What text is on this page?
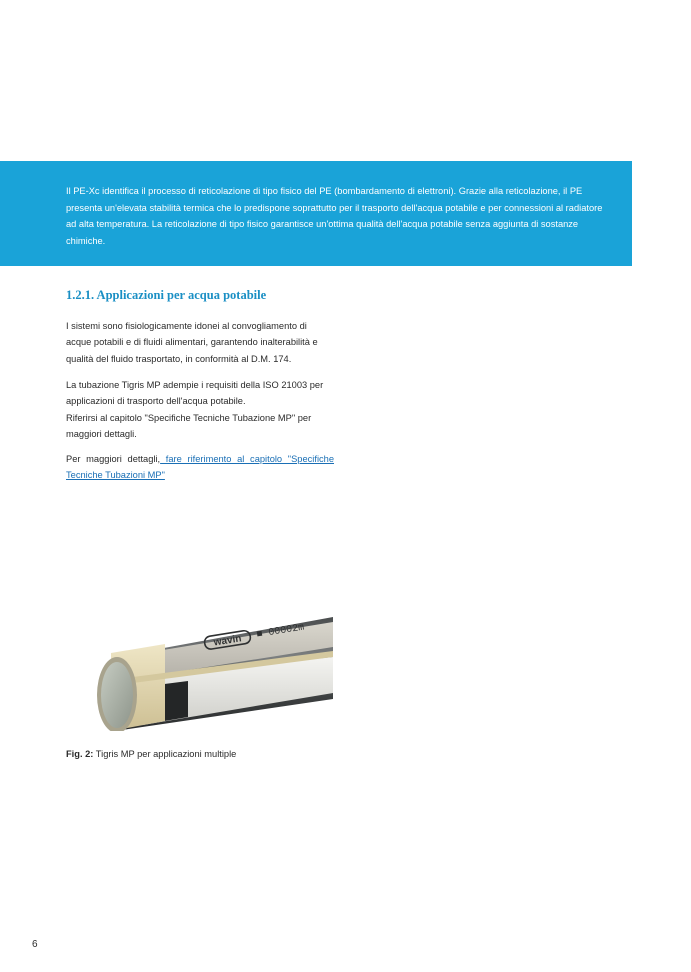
Il PE-Xc identifica il processo di reticolazione di tipo fisico del PE (bombardamento di elettroni). Grazie alla reticolazione, il PE presenta un'elevata stabilità termica che lo predispone soprattutto per il trasporto dell'acqua potabile e per connessioni al radiatore ad alta temperatura. La reticolazione di tipo fisico garantisce un'ottima qualità dell'acqua potabile senza aggiunta di sostanze chimiche.

1.2.1. Applicazioni per acqua potabile

I sistemi sono fisiologicamente idonei al convogliamento di acque potabili e di fluidi alimentari, garantendo inalterabilità e qualità del fluido trasportato, in conformità al D.M. 174.

La tubazione Tigris MP adempie i requisiti della ISO 21003 per applicazioni di trasporto dell'acqua potabile.
Riferirsi al capitolo "Specifiche Tecniche Tubazione MP" per maggiori dettagli.

Per maggiori dettagli, fare riferimento al capitolo "Specifiche Tecniche Tubazioni MP"

wavin ■ 00002m

Fig. 2: Tigris MP per applicazioni multiple

6
